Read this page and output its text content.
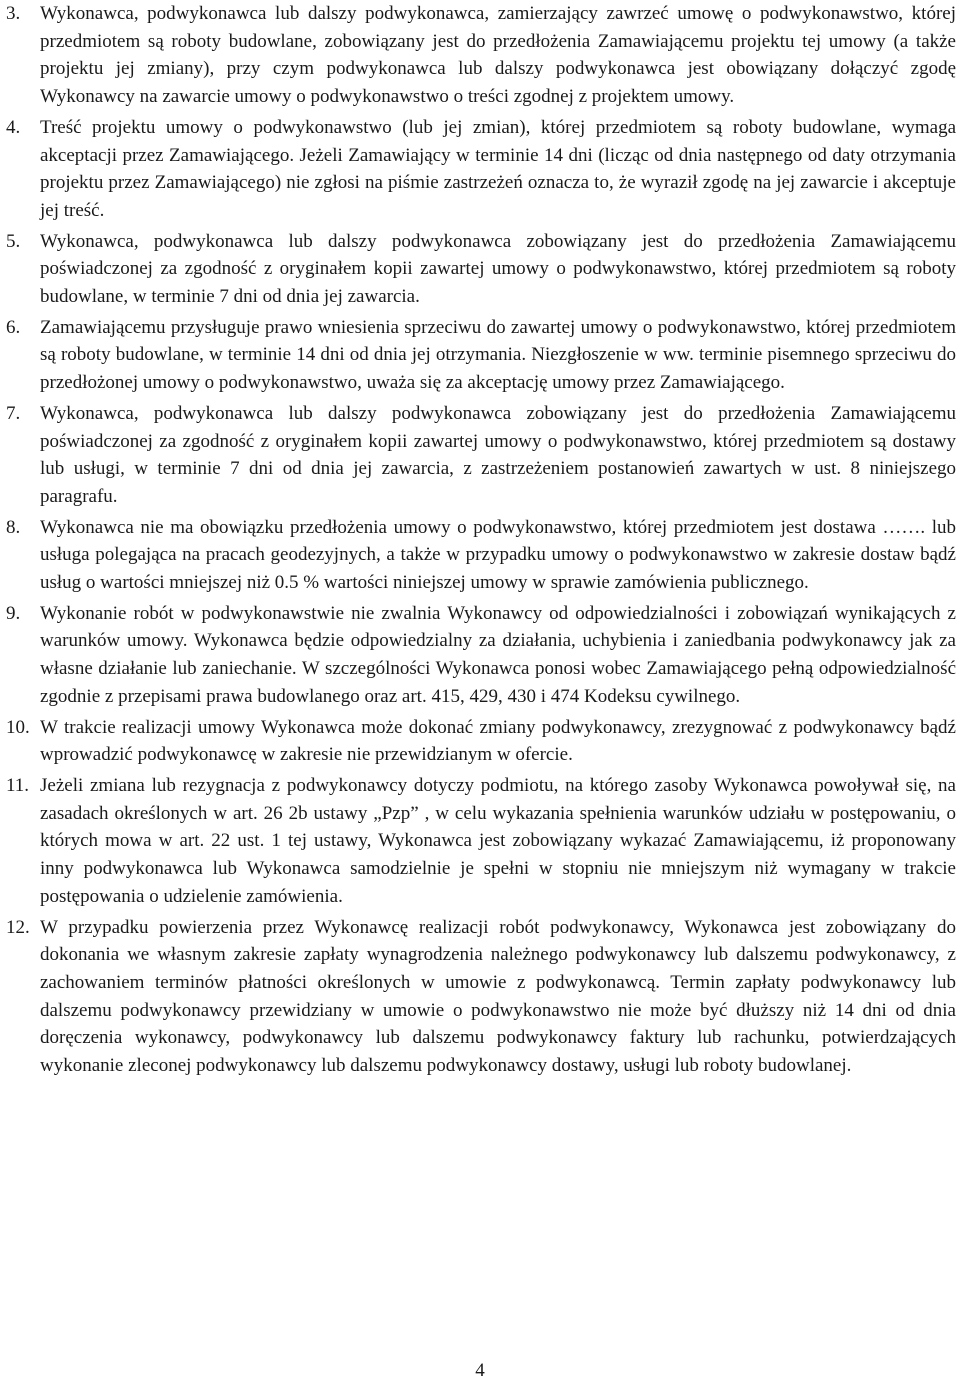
3.	Wykonawca, podwykonawca lub dalszy podwykonawca, zamierzający zawrzeć umowę o podwykonawstwo, której przedmiotem są roboty budowlane, zobowiązany jest do przedłożenia Zamawiającemu projektu tej umowy (a także projektu jej zmiany), przy czym podwykonawca lub dalszy podwykonawca jest obowiązany dołączyć zgodę Wykonawcy na zawarcie umowy o podwykonawstwo o treści zgodnej z projektem umowy.
4.	Treść projektu umowy o podwykonawstwo (lub jej zmian), której przedmiotem są roboty budowlane, wymaga akceptacji przez Zamawiającego. Jeżeli Zamawiający w terminie 14 dni (licząc od dnia następnego od daty otrzymania projektu przez Zamawiającego) nie zgłosi na piśmie zastrzeżeń oznacza to, że wyraził zgodę na jej zawarcie i akceptuje jej treść.
5.	Wykonawca, podwykonawca lub dalszy podwykonawca zobowiązany jest do przedłożenia Zamawiającemu poświadczonej za zgodność z oryginałem kopii zawartej umowy o podwykonawstwo, której przedmiotem są roboty budowlane, w terminie 7 dni od dnia jej zawarcia.
6.	Zamawiającemu przysługuje prawo wniesienia sprzeciwu do zawartej umowy o podwykonawstwo, której przedmiotem są roboty budowlane, w terminie 14 dni od dnia jej otrzymania. Niezgłoszenie w ww. terminie pisemnego sprzeciwu do przedłożonej umowy o podwykonawstwo, uważa się za akceptację umowy przez Zamawiającego.
7.	Wykonawca, podwykonawca lub dalszy podwykonawca zobowiązany jest do przedłożenia Zamawiającemu poświadczonej za zgodność z oryginałem kopii zawartej umowy o podwykonawstwo, której przedmiotem są dostawy lub usługi, w terminie 7 dni od dnia jej zawarcia, z zastrzeżeniem postanowień zawartych w ust. 8 niniejszego paragrafu.
8.	Wykonawca nie ma obowiązku przedłożenia umowy o podwykonawstwo, której przedmiotem jest dostawa ……. lub usługa polegająca na pracach geodezyjnych, a także w przypadku umowy o podwykonawstwo w zakresie dostaw bądź usług o wartości mniejszej niż 0.5 % wartości niniejszej umowy w sprawie zamówienia publicznego.
9.	Wykonanie robót w podwykonawstwie nie zwalnia Wykonawcy od odpowiedzialności i zobowiązań wynikających z warunków umowy. Wykonawca będzie odpowiedzialny za działania, uchybienia i zaniedbania podwykonawcy jak za własne działanie lub zaniechanie. W szczególności Wykonawca ponosi wobec Zamawiającego pełną odpowiedzialność zgodnie z przepisami prawa budowlanego oraz art. 415, 429, 430 i 474 Kodeksu cywilnego.
10. W trakcie realizacji umowy Wykonawca może dokonać zmiany podwykonawcy, zrezygnować z podwykonawcy bądź wprowadzić podwykonawcę w zakresie nie przewidzianym w ofercie.
11. Jeżeli zmiana lub rezygnacja z podwykonawcy dotyczy podmiotu, na którego zasoby Wykonawca powoływał się, na zasadach określonych w art. 26 2b ustawy „Pzp” , w celu wykazania spełnienia warunków udziału w postępowaniu, o których mowa w art. 22 ust. 1 tej ustawy, Wykonawca jest zobowiązany wykazać Zamawiającemu, iż proponowany inny podwykonawca lub Wykonawca samodzielnie je spełni w stopniu nie mniejszym niż wymagany w trakcie postępowania o udzielenie zamówienia.
12. W przypadku powierzenia przez Wykonawcę realizacji robót podwykonawcy, Wykonawca jest zobowiązany do dokonania we własnym zakresie zapłaty wynagrodzenia należnego podwykonawcy lub dalszemu podwykonawcy, z zachowaniem terminów płatności określonych w umowie z podwykonawcą. Termin zapłaty podwykonawcy lub dalszemu podwykonawcy przewidziany w umowie o podwykonawstwo nie może być dłuższy niż 14 dni od dnia doręczenia wykonawcy, podwykonawcy lub dalszemu podwykonawcy faktury lub rachunku, potwierdzających wykonanie zleconej podwykonawcy lub dalszemu podwykonawcy dostawy, usługi lub roboty budowlanej.
4
